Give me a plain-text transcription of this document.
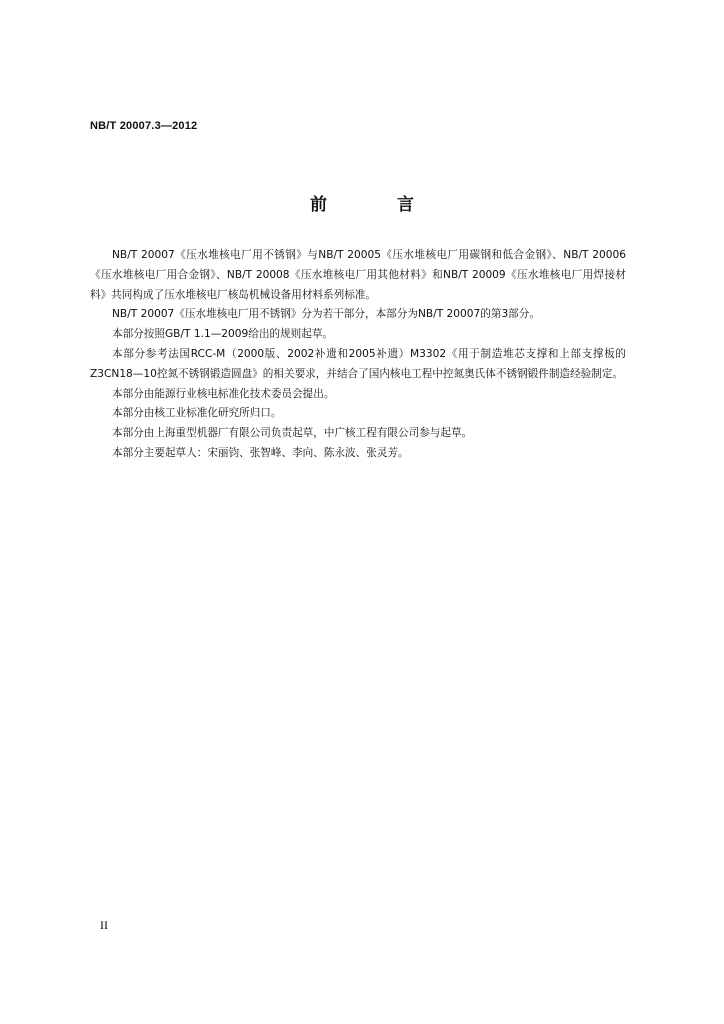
NB/T 20007.3—2012
前 言

NB/T 20007《压水堆核电厂用不锈钢》与NB/T 20005《压水堆核电厂用碳钢和低合金钢》、NB/T 20006《压水堆核电厂用合金钢》、NB/T 20008《压水堆核电厂用其他材料》和NB/T 20009《压水堆核电厂用焊接材料》共同构成了压水堆核电厂核岛机械设备用材料系列标准。

NB/T 20007《压水堆核电厂用不锈钢》分为若干部分，本部分为NB/T 20007的第3部分。

本部分按照GB/T 1.1—2009给出的规则起草。

本部分参考法国RCC-M（2000版、2002补遗和2005补遗）M3302《用于制造堆芯支撑和上部支撑板的Z3CN18—10控氮不锈钢锻造圆盘》的相关要求，并结合了国内核电工程中控氮奥氏体不锈钢锻件制造经验制定。

本部分由能源行业核电标准化技术委员会提出。

本部分由核工业标准化研究所归口。

本部分由上海重型机器厂有限公司负责起草，中广核工程有限公司参与起草。

本部分主要起草人：宋丽钧、张智峰、李向、陈永波、张灵芳。

II
